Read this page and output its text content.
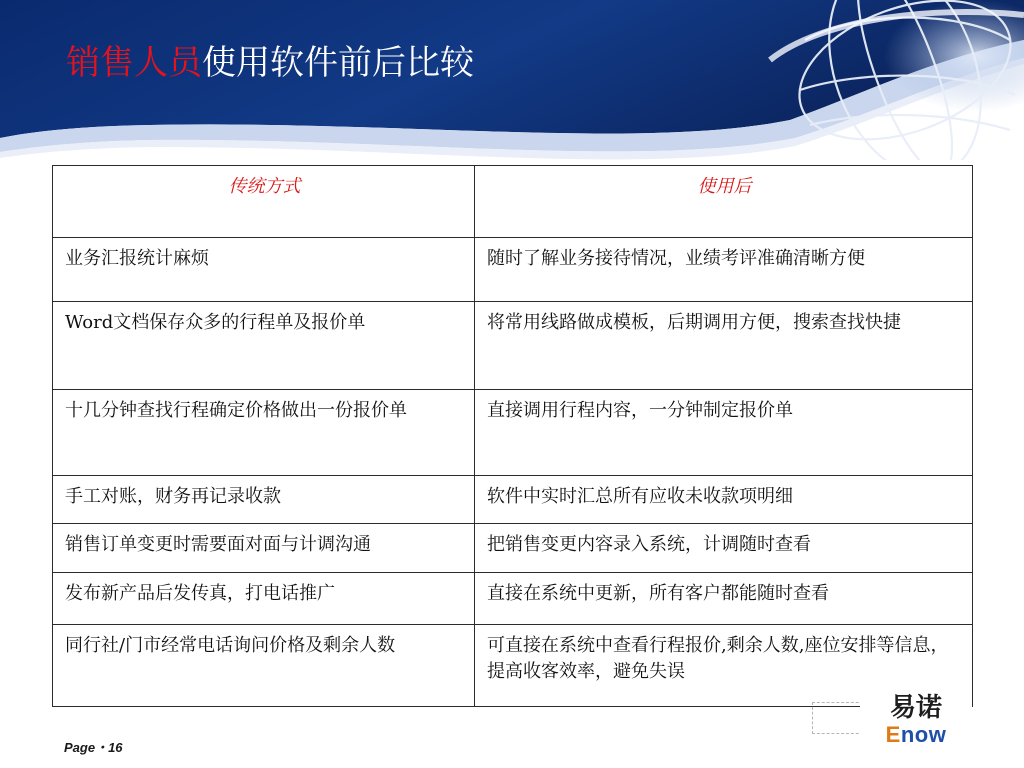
销售人员使用软件前后比较
传统方式	使用后
业务汇报统计麻烦	随时了解业务接待情况，业绩考评准确清晰方便
Word文档保存众多的行程单及报价单	将常用线路做成模板，后期调用方便，搜索查找快捷
十几分钟查找行程确定价格做出一份报价单	直接调用行程内容，一分钟制定报价单
手工对账，财务再记录收款	软件中实时汇总所有应收未收款项明细
销售订单变更时需要面对面与计调沟通	把销售变更内容录入系统，计调随时查看
发布新产品后发传真，打电话推广	直接在系统中更新，所有客户都能随时查看
同行社/门市经常电话询问价格及剩余人数	可直接在系统中查看行程报价,剩余人数,座位安排等信息，提高收客效率，避免失误
Page・16
易诺
Enow
